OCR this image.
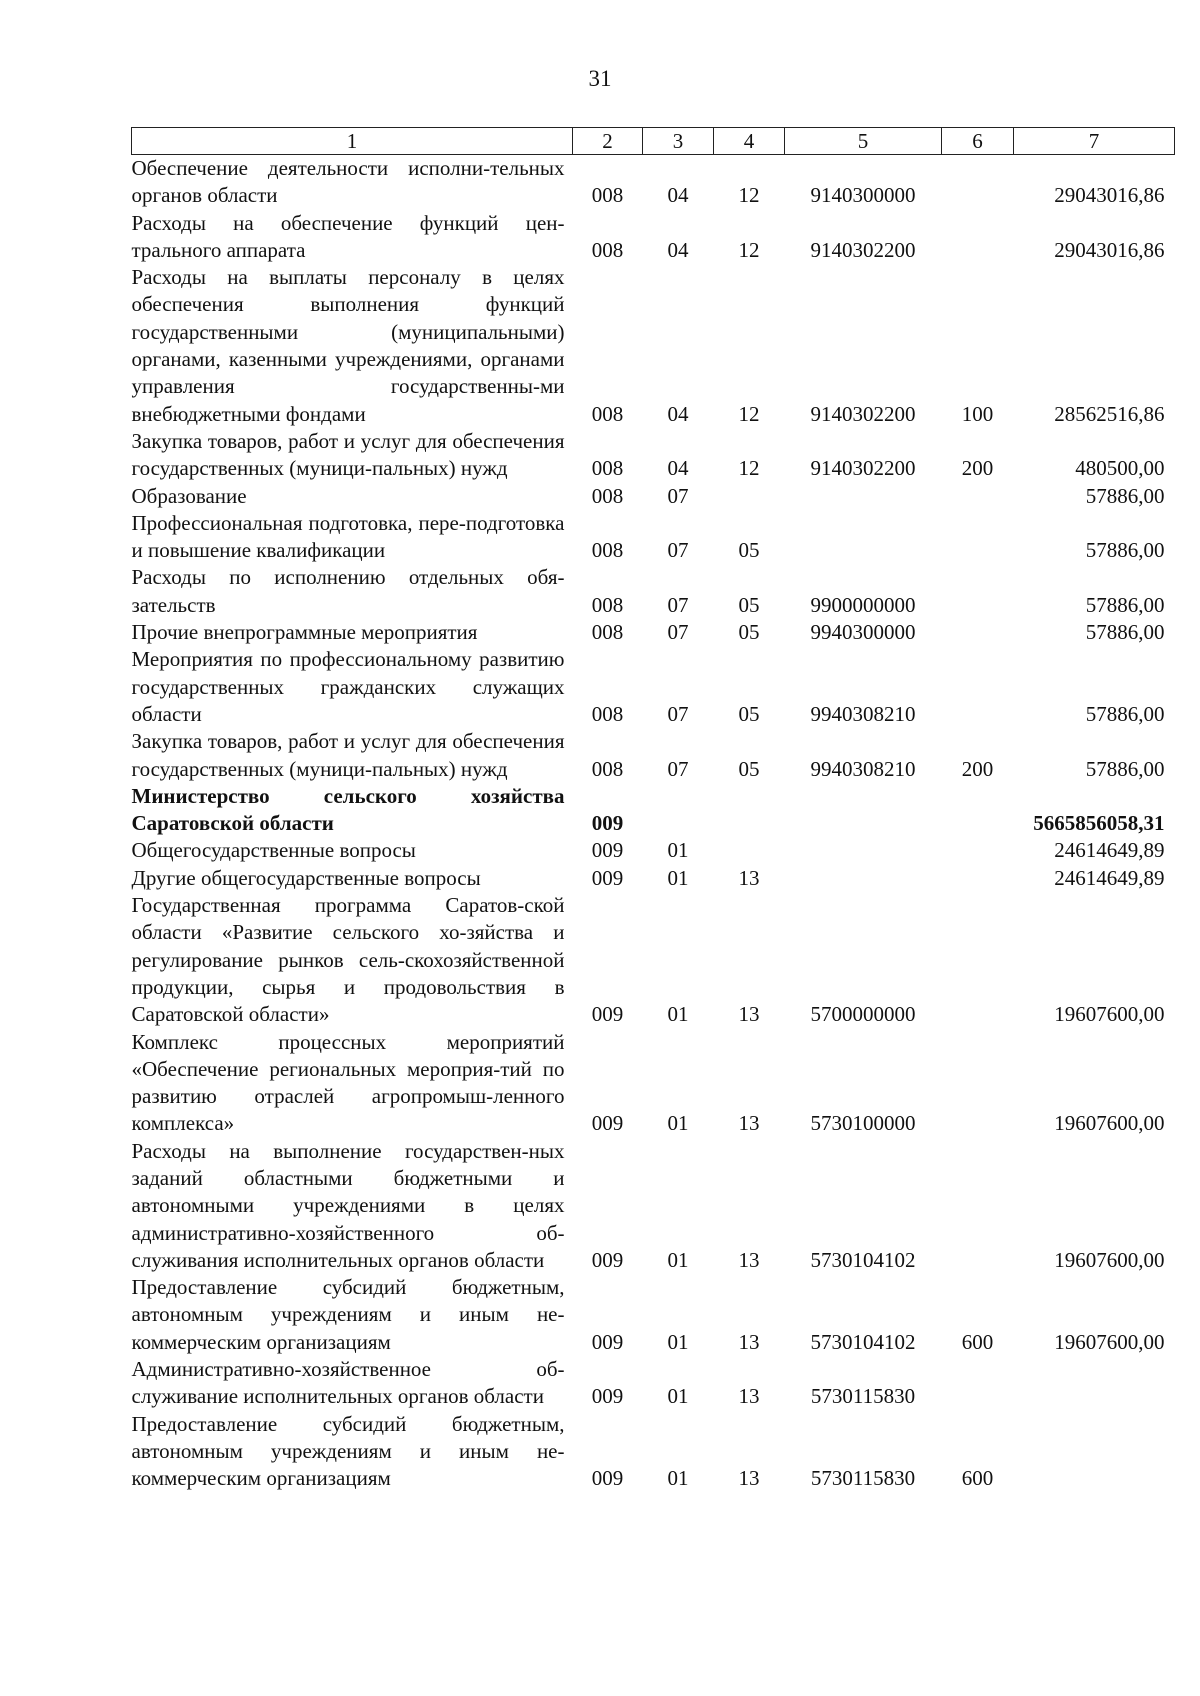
31
1	2	3	4	5	6	7
Обеспечение деятельности исполни-тельных органов области	008	04	12	9140300000		29043016,86
Расходы на обеспечение функций цен-трального аппарата	008	04	12	9140302200		29043016,86
Расходы на выплаты персоналу в целях обеспечения выполнения функций государственными (муниципальными) органами, казенными учреждениями, органами управления государственны-ми внебюджетными фондами	008	04	12	9140302200	100	28562516,86
Закупка товаров, работ и услуг для обеспечения государственных (муници-пальных) нужд	008	04	12	9140302200	200	480500,00
Образование	008	07				57886,00
Профессиональная подготовка, пере-подготовка и повышение квалификации	008	07	05			57886,00
Расходы по исполнению отдельных обя-зательств	008	07	05	9900000000		57886,00
Прочие внепрограммные мероприятия	008	07	05	9940300000		57886,00
Мероприятия по профессиональному развитию государственных гражданских служащих области	008	07	05	9940308210		57886,00
Закупка товаров, работ и услуг для обеспечения государственных (муници-пальных) нужд	008	07	05	9940308210	200	57886,00
Министерство сельского хозяйства Саратовской области	009					5665856058,31
Общегосударственные вопросы	009	01				24614649,89
Другие общегосударственные вопросы	009	01	13			24614649,89
Государственная программа Саратов-ской области «Развитие сельского хо-зяйства и регулирование рынков сель-скохозяйственной продукции, сырья и продовольствия в Саратовской области»	009	01	13	5700000000		19607600,00
Комплекс процессных мероприятий «Обеспечение региональных мероприя-тий по развитию отраслей агропромыш-ленного комплекса»	009	01	13	5730100000		19607600,00
Расходы на выполнение государствен-ных заданий областными бюджетными и автономными учреждениями в целях административно-хозяйственного об-служивания исполнительных органов области	009	01	13	5730104102		19607600,00
Предоставление субсидий бюджетным, автономным учреждениям и иным не-коммерческим организациям	009	01	13	5730104102	600	19607600,00
Административно-хозяйственное об-служивание исполнительных органов области	009	01	13	5730115830		
Предоставление субсидий бюджетным, автономным учреждениям и иным не-коммерческим организациям	009	01	13	5730115830	600	
